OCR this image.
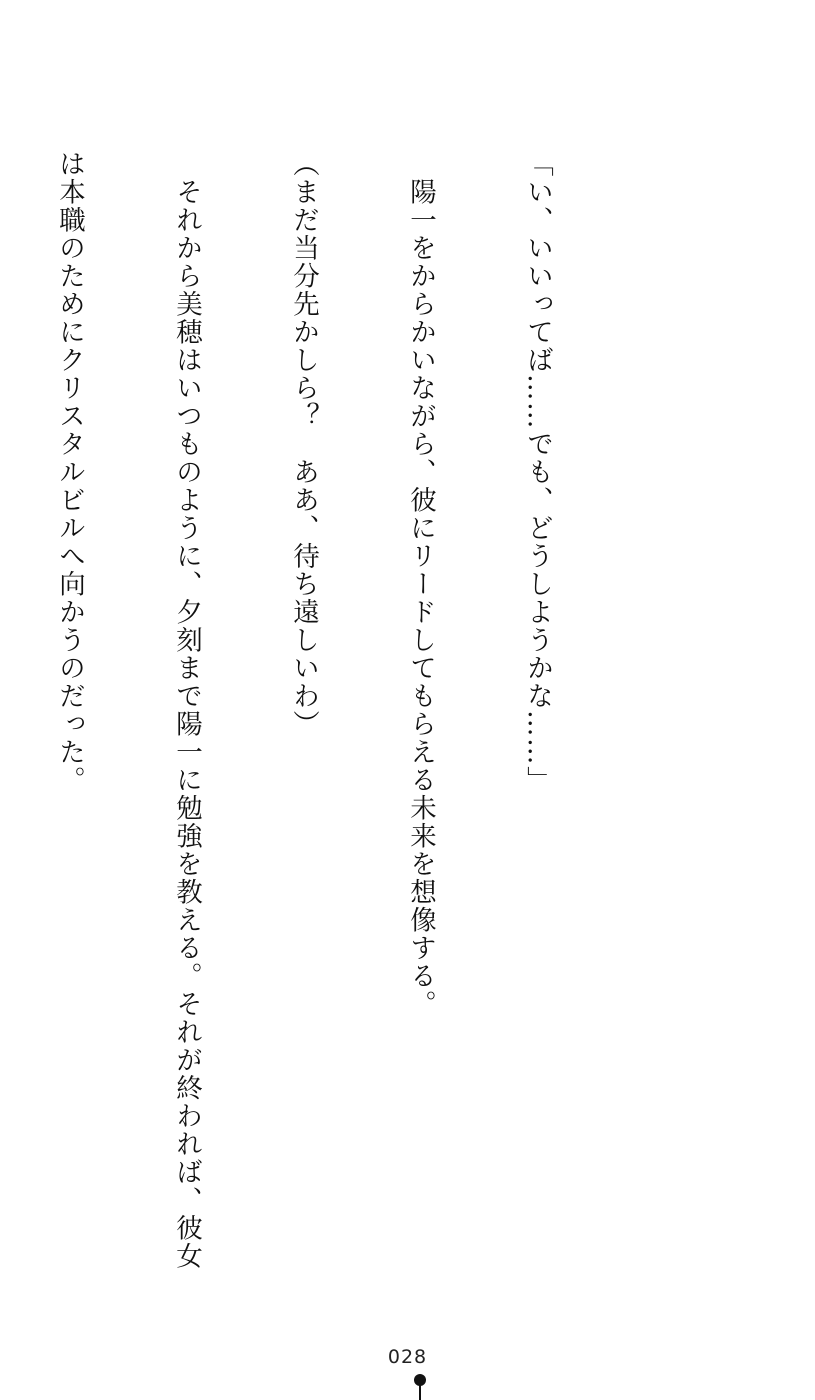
「い、いいってば……でも、どうしようかな……」

　陽一をからかいながら、彼にリードしてもらえる未来を想像する。

（まだ当分先かしら？　ああ、待ち遠しいわ）

　それから美穂はいつものように、夕刻まで陽一に勉強を教える。それが終われば、彼女

は本職のためにクリスタルビルへ向かうのだった。

028
